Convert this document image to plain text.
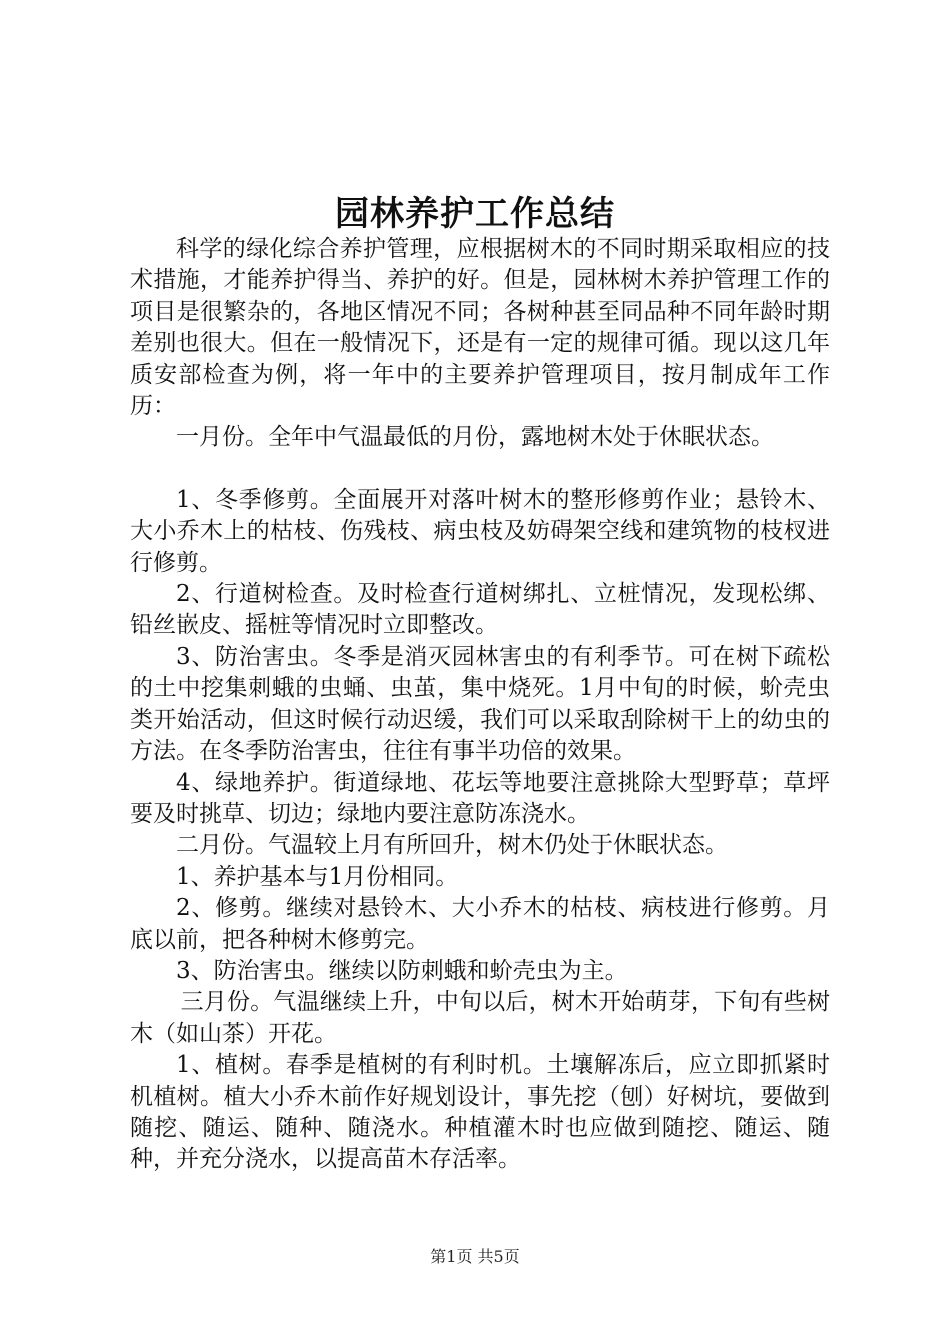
园林养护工作总结

科学的绿化综合养护管理，应根据树木的不同时期采取相应的技术措施，才能养护得当、养护的好。但是，园林树木养护管理工作的项目是很繁杂的，各地区情况不同；各树种甚至同品种不同年龄时期差别也很大。但在一般情况下，还是有一定的规律可循。现以这几年质安部检查为例，将一年中的主要养护管理项目，按月制成年工作历：

一月份。全年中气温最低的月份，露地树木处于休眠状态。

1、冬季修剪。全面展开对落叶树木的整形修剪作业；悬铃木、大小乔木上的枯枝、伤残枝、病虫枝及妨碍架空线和建筑物的枝杈进行修剪。

2、行道树检查。及时检查行道树绑扎、立桩情况，发现松绑、铅丝嵌皮、摇桩等情况时立即整改。

3、防治害虫。冬季是消灭园林害虫的有利季节。可在树下疏松的土中挖集刺蛾的虫蛹、虫茧，集中烧死。1月中旬的时候，蚧壳虫类开始活动，但这时候行动迟缓，我们可以采取刮除树干上的幼虫的方法。在冬季防治害虫，往往有事半功倍的效果。

4、绿地养护。街道绿地、花坛等地要注意挑除大型野草；草坪要及时挑草、切边；绿地内要注意防冻浇水。

二月份。气温较上月有所回升，树木仍处于休眠状态。

1、养护基本与1月份相同。

2、修剪。继续对悬铃木、大小乔木的枯枝、病枝进行修剪。月底以前，把各种树木修剪完。

3、防治害虫。继续以防刺蛾和蚧壳虫为主。

三月份。气温继续上升，中旬以后，树木开始萌芽，下旬有些树木（如山茶）开花。

1、植树。春季是植树的有利时机。土壤解冻后，应立即抓紧时机植树。植大小乔木前作好规划设计，事先挖（刨）好树坑，要做到随挖、随运、随种、随浇水。种植灌木时也应做到随挖、随运、随种，并充分浇水，以提高苗木存活率。

第1页 共5页
